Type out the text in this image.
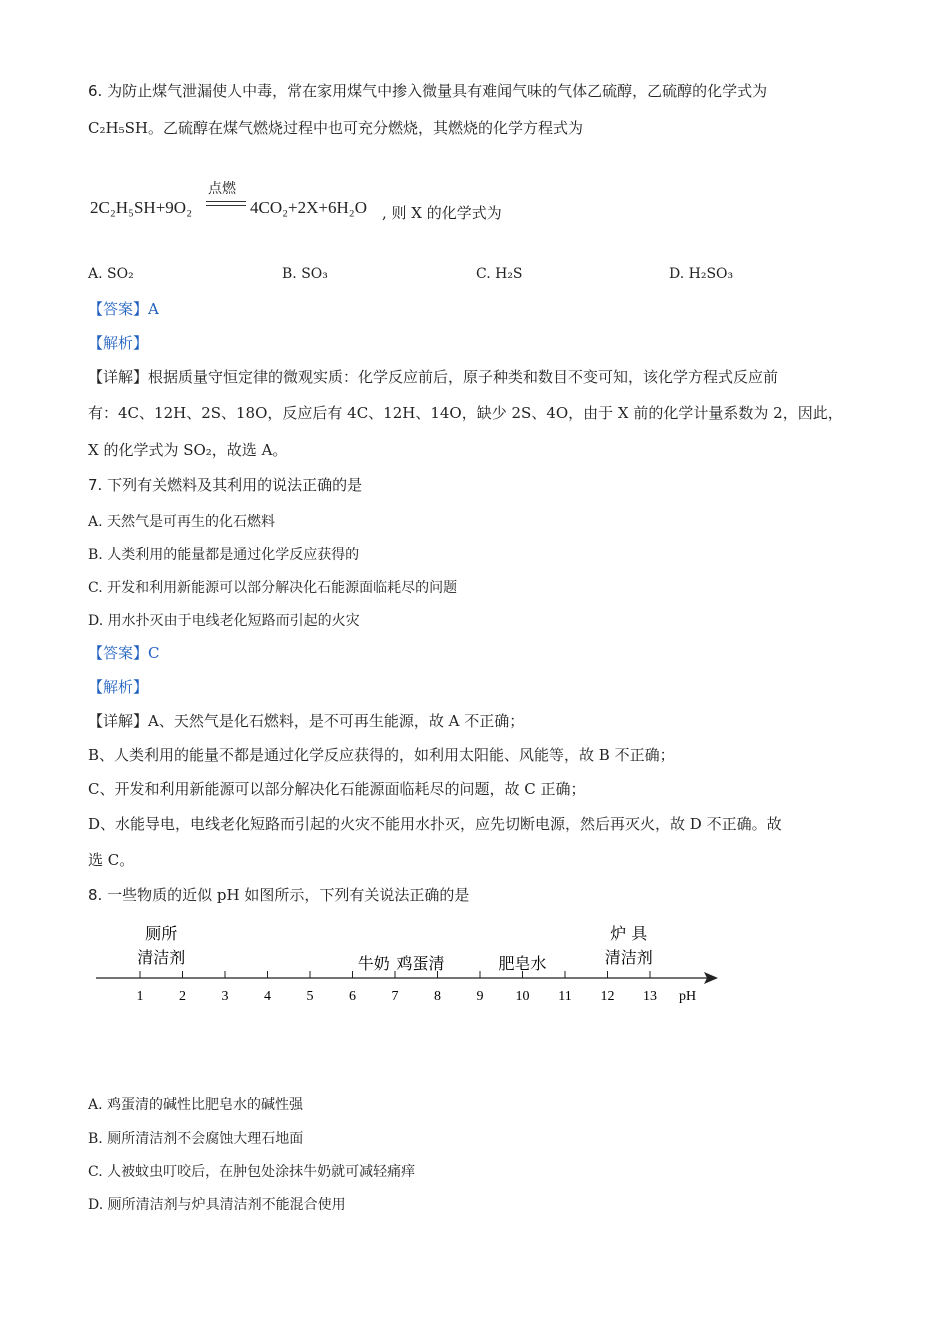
6. 为防止煤气泄漏使人中毒，常在家用煤气中掺入微量具有难闻气味的气体乙硫醇，乙硫醇的化学式为
C₂H₅SH。乙硫醇在煤气燃烧过程中也可充分燃烧，其燃烧的化学方程式为
2C₂H₅SH+9O₂
点燃
4CO₂+2X+6H₂O , 则 X 的化学式为
A. SO₂	B. SO₃	C. H₂S	D. H₂SO₃
【答案】A
【解析】
【详解】根据质量守恒定律的微观实质：化学反应前后，原子种类和数目不变可知，该化学方程式反应前
有：4C、12H、2S、18O，反应后有 4C、12H、14O，缺少 2S、4O，由于 X 前的化学计量系数为 2，因此，
X 的化学式为 SO₂，故选 A。
7. 下列有关燃料及其利用的说法正确的是
A. 天然气是可再生的化石燃料
B. 人类利用的能量都是通过化学反应获得的
C. 开发和利用新能源可以部分解决化石能源面临耗尽的问题
D. 用水扑灭由于电线老化短路而引起的火灾
【答案】C
【解析】
【详解】A、天然气是化石燃料，是不可再生能源，故 A 不正确；
B、人类利用的能量不都是通过化学反应获得的，如利用太阳能、风能等，故 B 不正确；
C、开发和利用新能源可以部分解决化石能源面临耗尽的问题，故 C 正确；
D、水能导电，电线老化短路而引起的火灾不能用水扑灭，应先切断电源，然后再灭火，故 D 不正确。故
选 C。
8. 一些物质的近似 pH 如图所示，下列有关说法正确的是
1	2	3	4	5	6	7	8	9 10 11 12 13
厕所
清洁剂	牛奶 鸡蛋清	肥皂水
炉 具
清洁剂
pH
A. 鸡蛋清的碱性比肥皂水的碱性强
B. 厕所清洁剂不会腐蚀大理石地面
C. 人被蚊虫叮咬后，在肿包处涂抹牛奶就可减轻痛痒
D. 厕所清洁剂与炉具清洁剂不能混合使用
